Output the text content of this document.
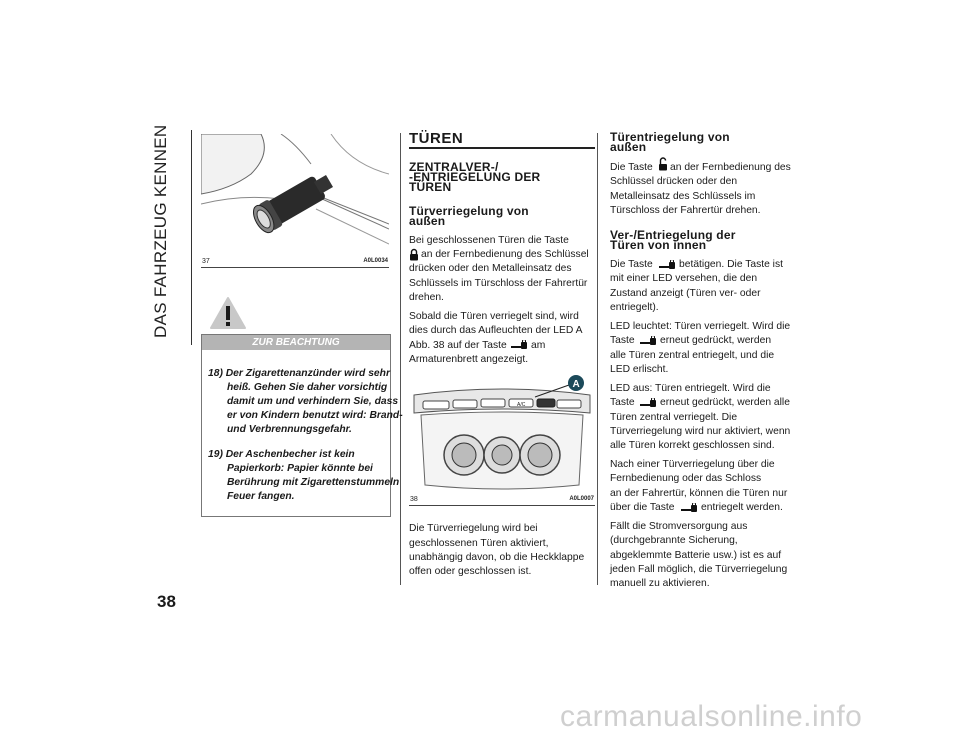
DAS FAHRZEUG KENNEN
38
37	A0L0034
ZUR BEACHTUNG
18) Der Zigarettenanzünder wird sehr heiß. Gehen Sie daher vorsichtig damit um und verhindern Sie, dass er von Kindern benutzt wird: Brand- und Verbrennungsgefahr.
19) Der Aschenbecher ist kein Papierkorb: Papier könnte bei Berührung mit Zigarettenstummeln Feuer fangen.
TÜREN
ZENTRALVER-/
-ENTRIEGELUNG DER
TÜREN
Türverriegelung von
außen
Bei geschlossenen Türen die Taste
an der Fernbedienung des Schlüssel
drücken oder den Metalleinsatz des
Schlüssels im Türschloss der Fahrertür
drehen.
Sobald die Türen verriegelt sind, wird
dies durch das Aufleuchten der LED A
Abb. 38 auf der Taste am
Armaturenbrett angezeigt.
A/C
A
38	A0L0007
Die Türverriegelung wird bei
geschlossenen Türen aktiviert,
unabhängig davon, ob die Heckklappe
offen oder geschlossen ist.
Türentriegelung von
außen
Die Taste an der Fernbedienung des
Schlüssel drücken oder den
Metalleinsatz des Schlüssels im
Türschloss der Fahrertür drehen.
Ver-/Entriegelung der
Türen von innen
Die Taste	betätigen. Die Taste ist
mit einer LED versehen, die den
Zustand anzeigt (Türen ver- oder
entriegelt).
LED leuchtet: Türen verriegelt. Wird die
Taste erneut gedrückt, werden
alle Türen zentral entriegelt, und die
LED erlischt.
LED aus: Türen entriegelt. Wird die
Taste erneut gedrückt, werden alle
Türen zentral verriegelt. Die
Türverriegelung wird nur aktiviert, wenn
alle Türen korrekt geschlossen sind.
Nach einer Türverriegelung über die
Fernbedienung oder das Schloss
an der Fahrertür, können die Türen nur
über die Taste	entriegelt werden.
Fällt die Stromversorgung aus
(durchgebrannte Sicherung,
abgeklemmte Batterie usw.) ist es auf
jeden Fall möglich, die Türverriegelung
manuell zu aktivieren.
carmanualsonline.info
